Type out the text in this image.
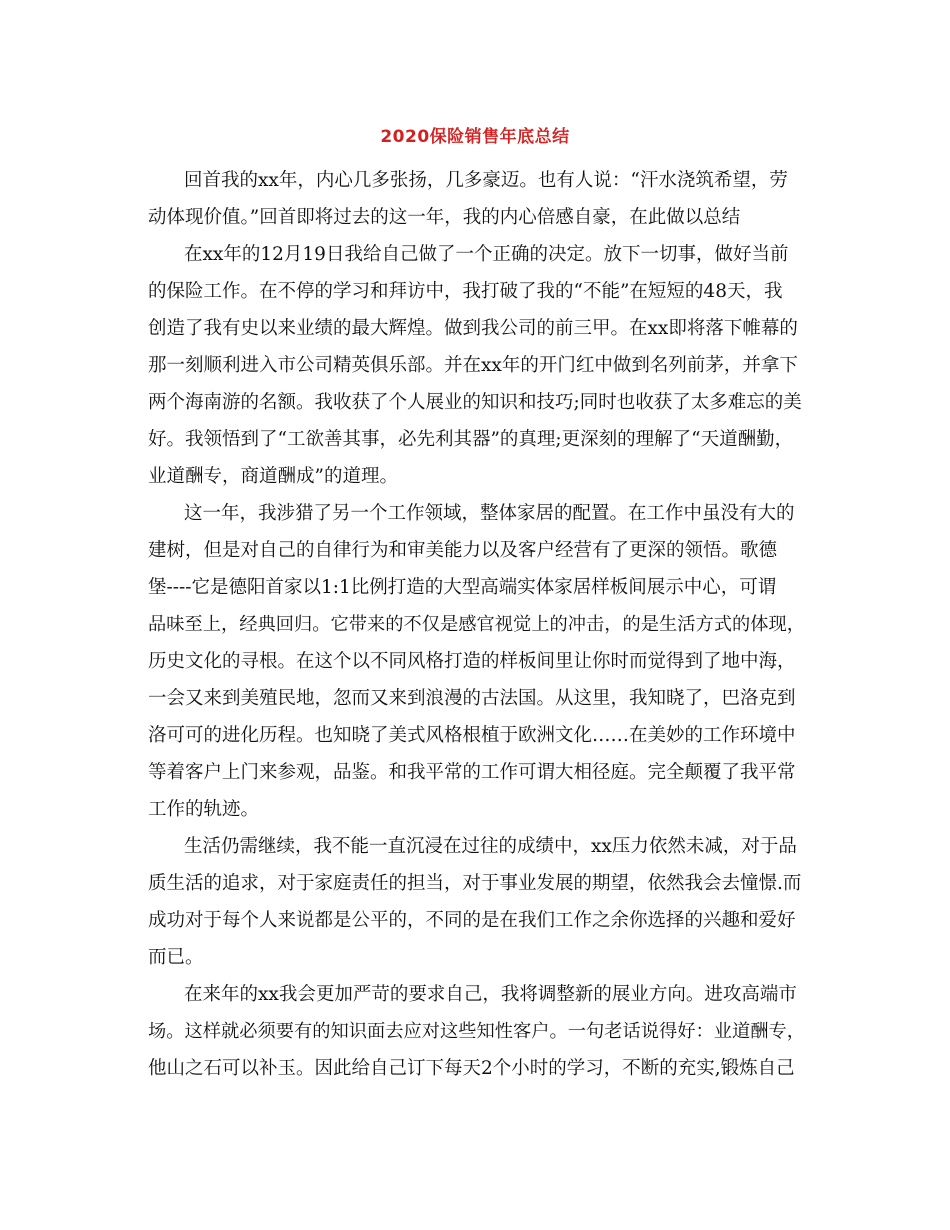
2020保险销售年底总结
回首我的xx年，内心几多张扬，几多豪迈。也有人说：“汗水浇筑希望，劳
动体现价值。”回首即将过去的这一年，我的内心倍感自豪，在此做以总结
在xx年的12月19日我给自己做了一个正确的决定。放下一切事，做好当前
的保险工作。在不停的学习和拜访中，我打破了我的“不能”在短短的48天，我
创造了我有史以来业绩的最大辉煌。做到我公司的前三甲。在xx即将落下帷幕的
那一刻顺利进入市公司精英俱乐部。并在xx年的开门红中做到名列前茅，并拿下
两个海南游的名额。我收获了个人展业的知识和技巧;同时也收获了太多难忘的美
好。我领悟到了“工欲善其事，必先利其器”的真理;更深刻的理解了“天道酬勤，
业道酬专，商道酬成”的道理。
这一年，我涉猎了另一个工作领域，整体家居的配置。在工作中虽没有大的
建树，但是对自己的自律行为和审美能力以及客户经营有了更深的领悟。歌德
堡----它是德阳首家以1:1比例打造的大型高端实体家居样板间展示中心，可谓
品味至上，经典回归。它带来的不仅是感官视觉上的冲击，的是生活方式的体现，
历史文化的寻根。在这个以不同风格打造的样板间里让你时而觉得到了地中海，
一会又来到美殖民地，忽而又来到浪漫的古法国。从这里，我知晓了，巴洛克到
洛可可的进化历程。也知晓了美式风格根植于欧洲文化……在美妙的工作环境中
等着客户上门来参观，品鉴。和我平常的工作可谓大相径庭。完全颠覆了我平常
工作的轨迹。
生活仍需继续，我不能一直沉浸在过往的成绩中，xx压力依然未减，对于品
质生活的追求，对于家庭责任的担当，对于事业发展的期望，依然我会去憧憬.而
成功对于每个人来说都是公平的，不同的是在我们工作之余你选择的兴趣和爱好
而已。
在来年的xx我会更加严苛的要求自己，我将调整新的展业方向。进攻高端市
场。这样就必须要有的知识面去应对这些知性客户。一句老话说得好：业道酬专，
他山之石可以补玉。因此给自己订下每天2个小时的学习，不断的充实,锻炼自己
